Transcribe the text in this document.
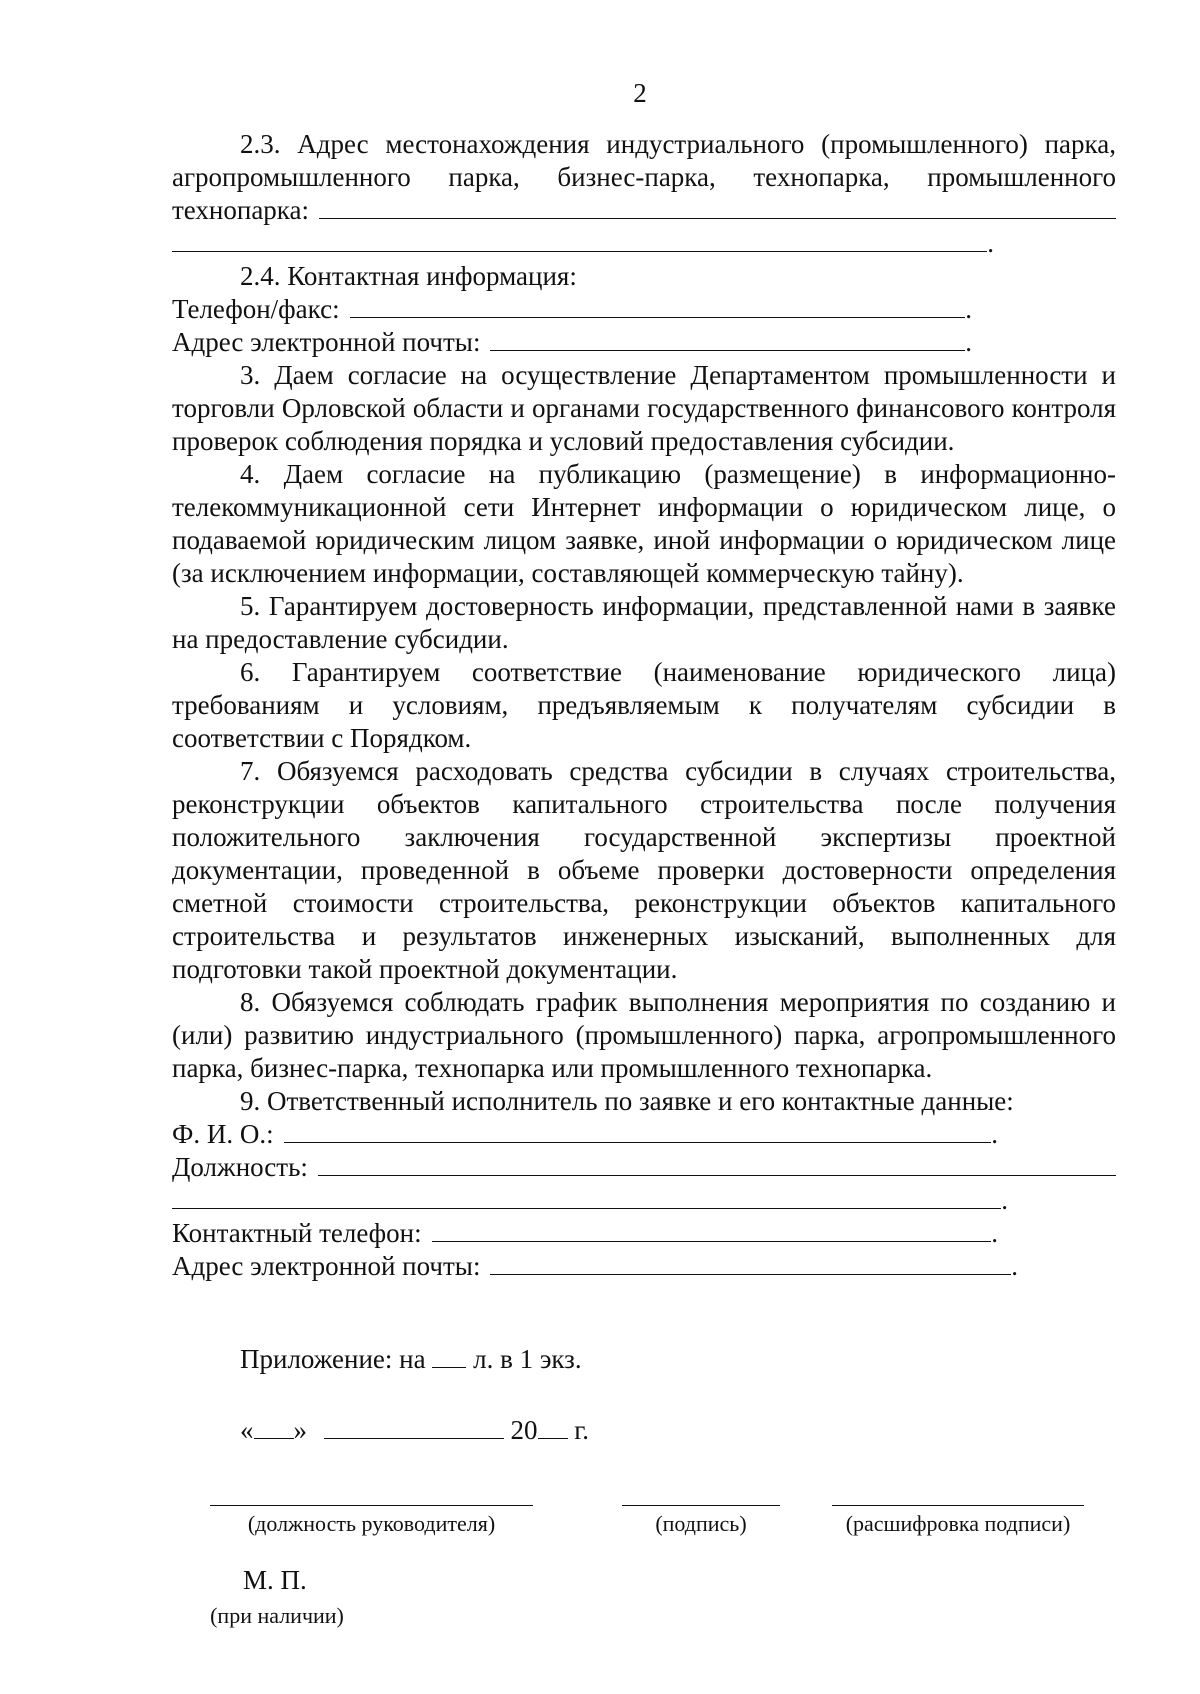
2
2.3. Адрес местонахождения индустриального (промышленного) парка,
агропромышленного парка, бизнес-парка, технопарка, промышленного
технопарка:
.
2.4. Контактная информация:
Телефон/факс:	.
Адрес электронной почты:	.

3. Даем согласие на осуществление Департаментом промышленности и торговли Орловской области и органами государственного финансового контроля проверок соблюдения порядка и условий предоставления субсидии.

4. Даем согласие на публикацию (размещение) в информационно-телекоммуникационной сети Интернет информации о юридическом лице, о подаваемой юридическим лицом заявке, иной информации о юридическом лице (за исключением информации, составляющей коммерческую тайну).

5. Гарантируем достоверность информации, представленной нами в заявке на предоставление субсидии.

6. Гарантируем соответствие (наименование юридического лица) требованиям и условиям, предъявляемым к получателям субсидии в соответствии с Порядком.

7. Обязуемся расходовать средства субсидии в случаях строительства, реконструкции объектов капитального строительства после получения положительного заключения государственной экспертизы проектной документации, проведенной в объеме проверки достоверности определения сметной стоимости строительства, реконструкции объектов капитального строительства и результатов инженерных изысканий, выполненных для подготовки такой проектной документации.

8. Обязуемся соблюдать график выполнения мероприятия по созданию и (или) развитию индустриального (промышленного) парка, агропромышленного парка, бизнес-парка, технопарка или промышленного технопарка.

9. Ответственный исполнитель по заявке и его контактные данные:
Ф. И. О.:	.
Должность:
.
Контактный телефон:	.
Адрес электронной почты:	.
Приложение: на л. в 1 экз.
« »	20 г.
(должность руководителя)	(подпись)	(расшифровка подписи)
М. П.
(при наличии)
